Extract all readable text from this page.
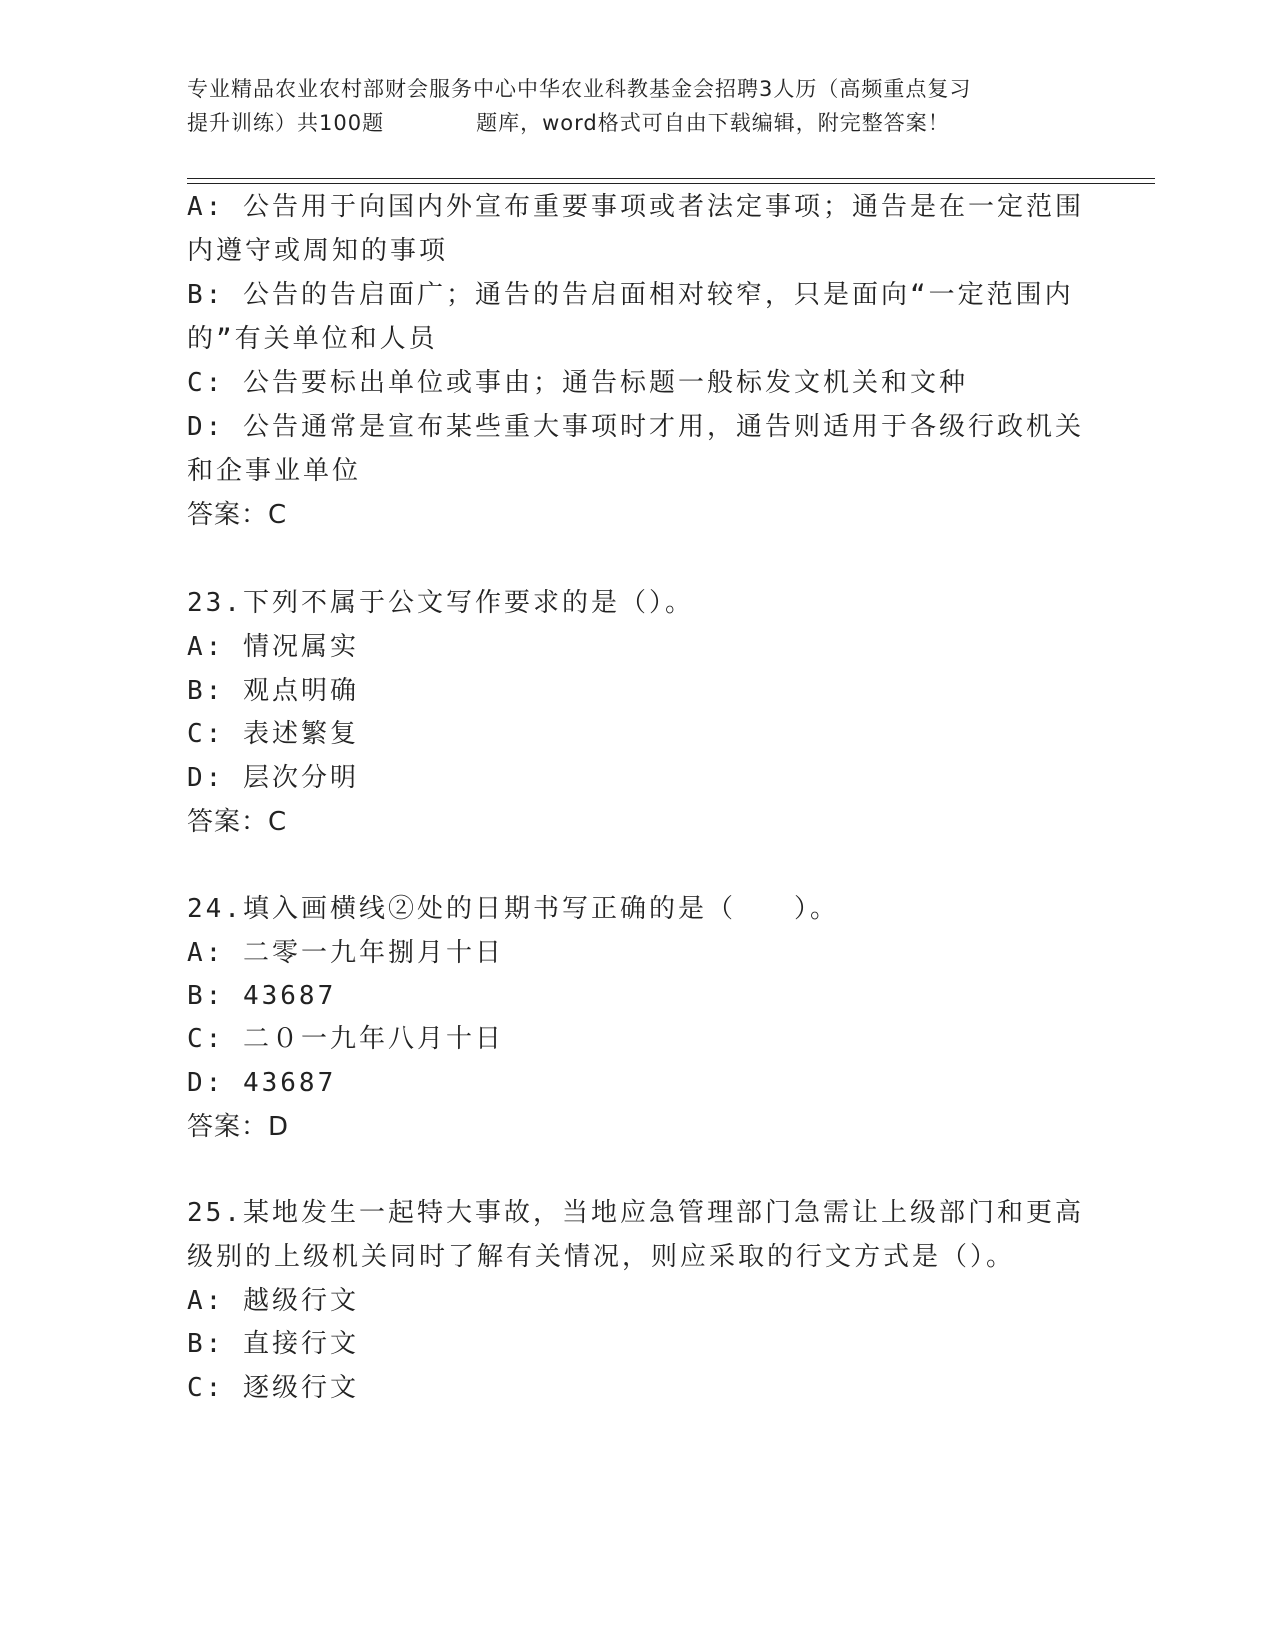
专业精品农业农村部财会服务中心中华农业科教基金会招聘3人历（高频重点复习
提升训练）共100题	题库，word格式可自由下载编辑，附完整答案！
A: 公告用于向国内外宣布重要事项或者法定事项；通告是在一定范围
内遵守或周知的事项
B: 公告的告启面广；通告的告启面相对较窄，只是面向“一定范围内
的”有关单位和人员
C: 公告要标出单位或事由；通告标题一般标发文机关和文种
D: 公告通常是宣布某些重大事项时才用，通告则适用于各级行政机关
和企事业单位
答案：C
23.下列不属于公文写作要求的是（）。
A: 情况属实
B: 观点明确
C: 表述繁复
D: 层次分明
答案：C
24.填入画横线②处的日期书写正确的是（　　）。
A: 二零一九年捌月十日
B: 43687
C: 二０一九年八月十日
D: 43687
答案：D
25.某地发生一起特大事故，当地应急管理部门急需让上级部门和更高
级别的上级机关同时了解有关情况，则应采取的行文方式是（）。
A: 越级行文
B: 直接行文
C: 逐级行文
